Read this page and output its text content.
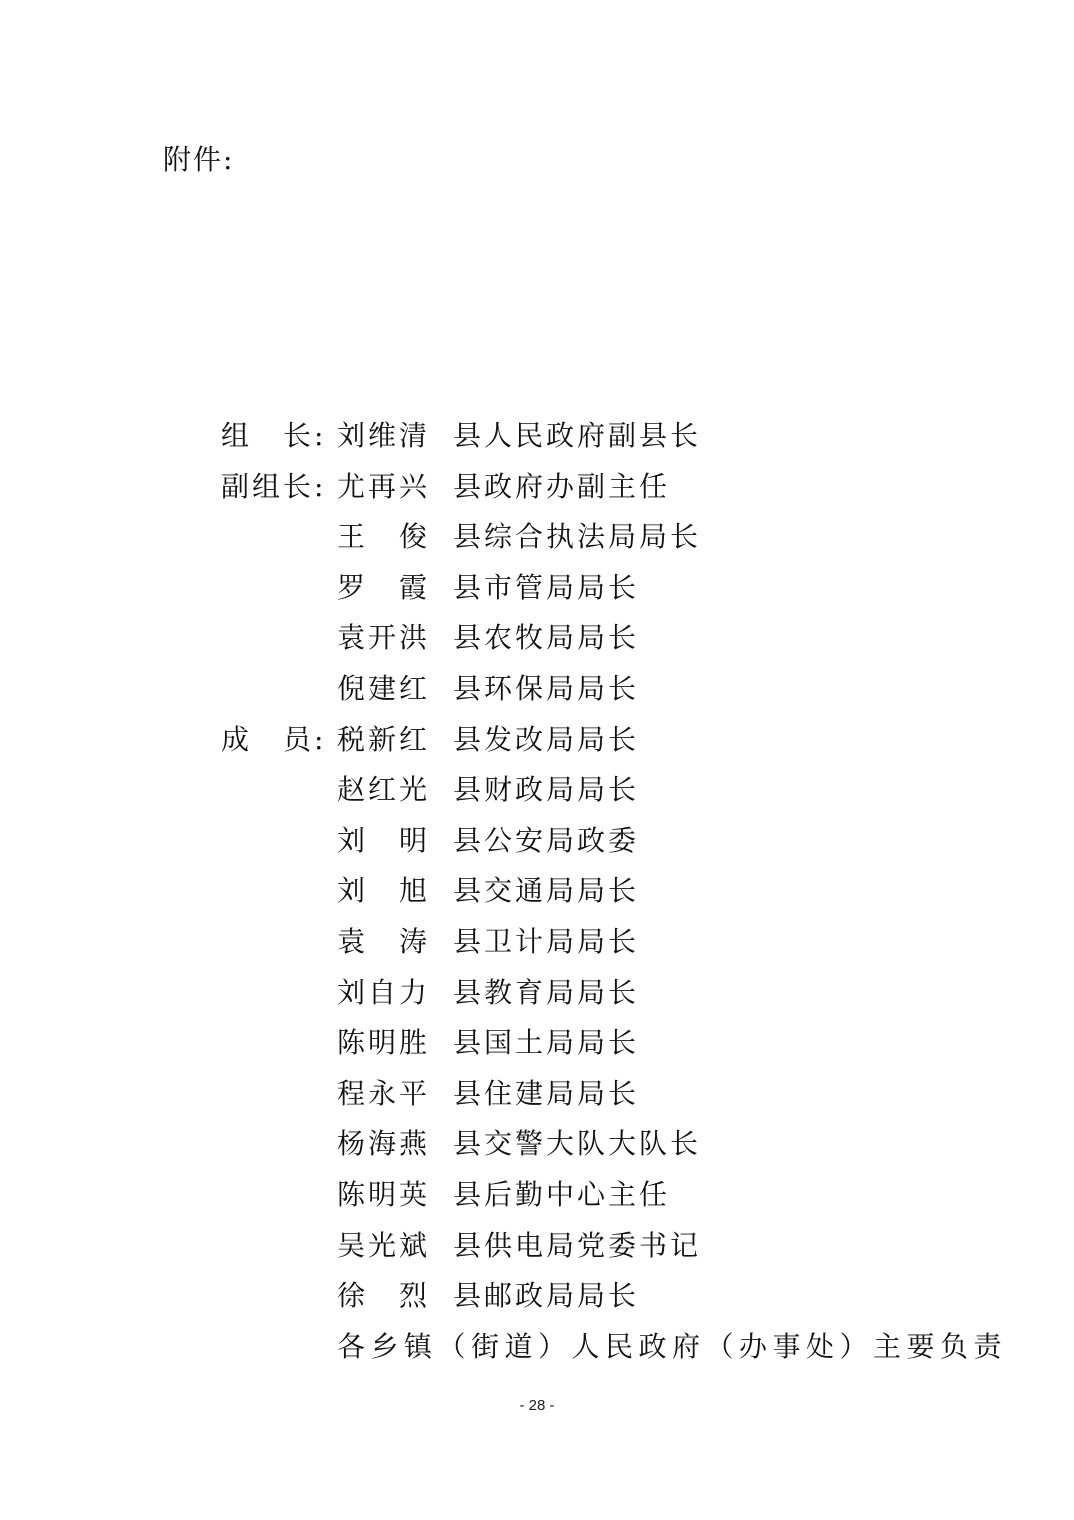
附件:
组　长: 刘维清 县人民政府副县长
副组长: 尤再兴 县政府办副主任
王　俊 县综合执法局局长
罗　霞 县市管局局长
袁开洪 县农牧局局长
倪建红 县环保局局长
成　员: 税新红 县发改局局长
赵红光 县财政局局长
刘　明 县公安局政委
刘　旭 县交通局局长
袁　涛 县卫计局局长
刘自力 县教育局局长
陈明胜 县国土局局长
程永平 县住建局局长
杨海燕 县交警大队大队长
陈明英 县后勤中心主任
吴光斌 县供电局党委书记
徐　烈 县邮政局局长
各乡镇（街道）人民政府（办事处）主要负责
- 28 -
